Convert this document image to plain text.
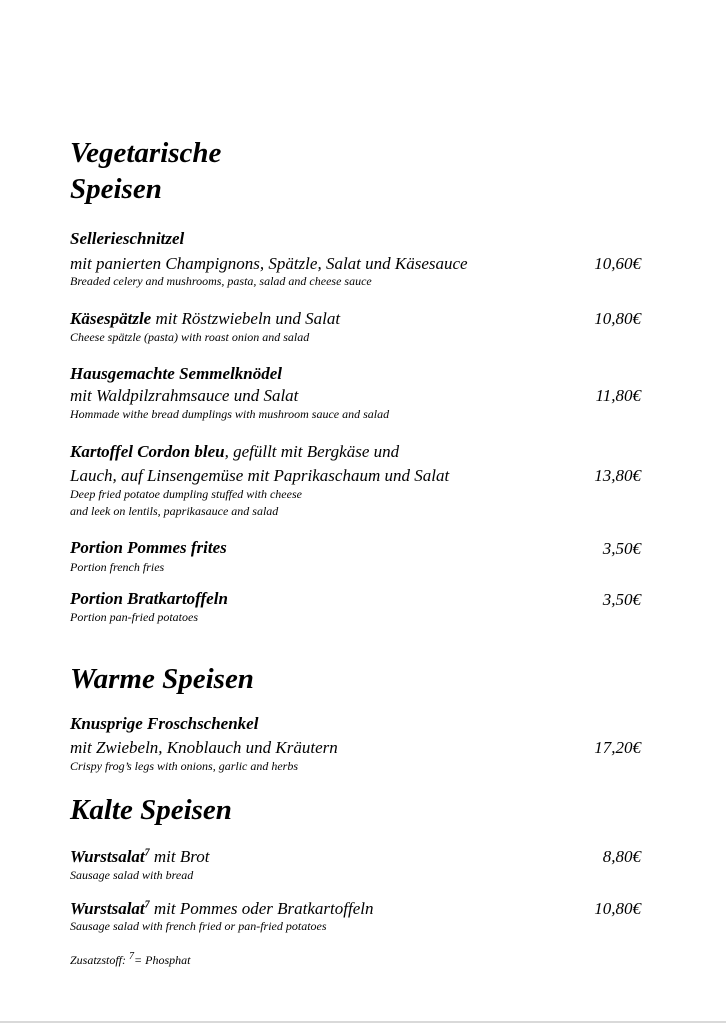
Vegetarische
Speisen
Sellerieschnitzel
mit panierten Champignons, Spätzle, Salat und Käsesauce	10,60€
Breaded celery and mushrooms, pasta, salad and cheese sauce
Käsespätzle mit Röstzwiebeln und Salat	10,80€
Cheese spätzle (pasta) with roast onion and salad
Hausgemachte Semmelknödel
mit Waldpilzrahmsauce und Salat	11,80€
Hommade withe bread dumplings with mushroom sauce and salad
Kartoffel Cordon bleu, gefüllt mit Bergkäse und
Lauch, auf Linsengemüse mit Paprikaschaum und Salat	13,80€
Deep fried potatoe dumpling stuffed with cheese
and leek on lentils, paprikasauce and salad
Portion Pommes frites	3,50€
Portion french fries
Portion Bratkartoffeln	3,50€
Portion pan-fried potatoes
Warme Speisen
Knusprige Froschschenkel
mit Zwiebeln, Knoblauch und Kräutern	17,20€
Crispy frog’s legs with onions, garlic and herbs
Kalte Speisen
Wurstsalat$^7$ mit Brot	8,80€
Sausage salad with bread
Wurstsalat$^7$ mit Pommes oder Bratkartoffeln	10,80€
Sausage salad with french fried or pan-fried potatoes
Zusatzstoff: $^7$= Phosphat
